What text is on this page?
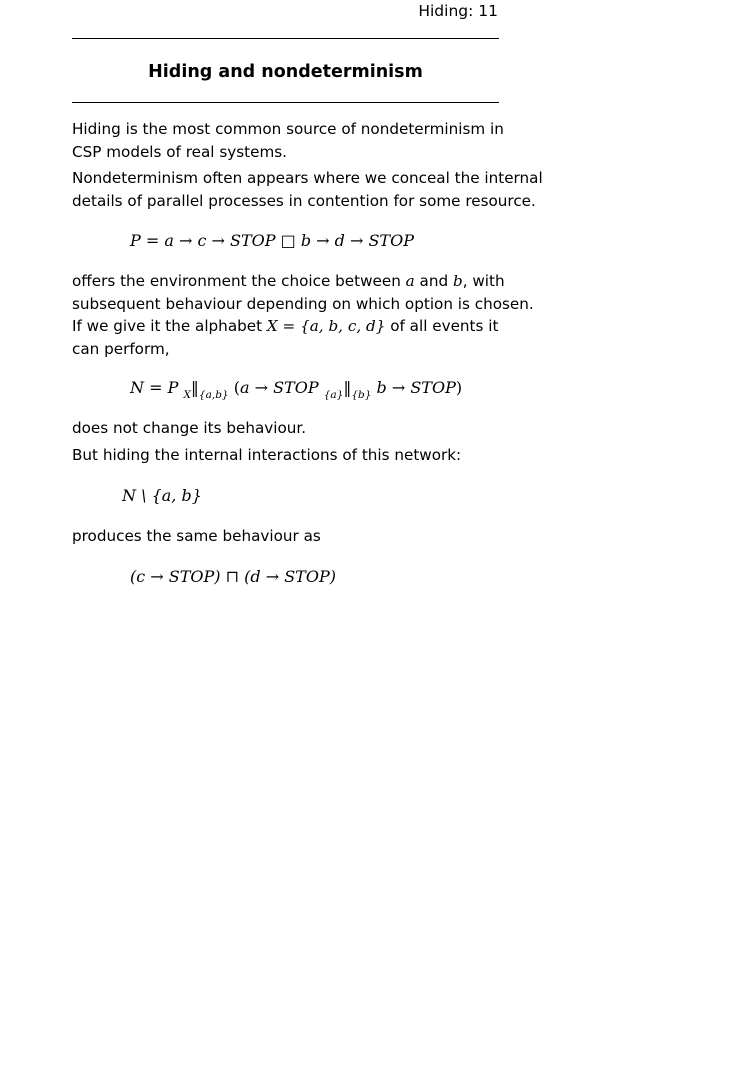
Hiding: 11
Hiding and nondeterminism
Hiding is the most common source of nondeterminism in
CSP models of real systems.
Nondeterminism often appears where we conceal the internal
details of parallel processes in contention for some resource.
P = a → c → STOP □ b → d → STOP
offers the environment the choice between a and b, with
subsequent behaviour depending on which option is chosen.
If we give it the alphabet X = {a, b, c, d} of all events it
can perform,
N = P $_X‖_{\{a,b\}}$ (a → STOP $_{\{a\}}‖_{\{b\}}$ b → STOP)
does not change its behaviour.
But hiding the internal interactions of this network:
N \ {a, b}
produces the same behaviour as
(c → STOP) ⊓ (d → STOP)
